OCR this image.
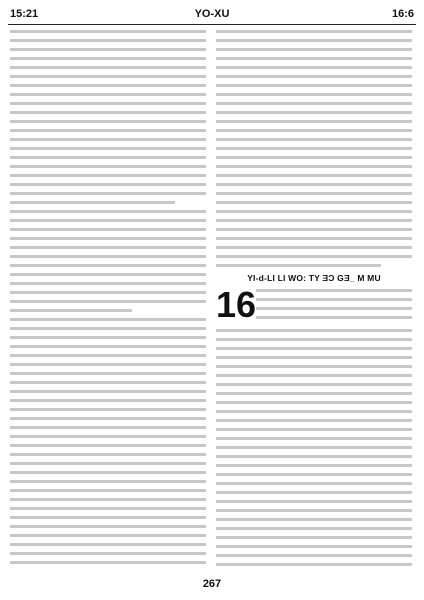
15:21	YO-XU	16:6
YI-d-LI LI WO: TY ƎƆ GƎ_ M MU
16
267
